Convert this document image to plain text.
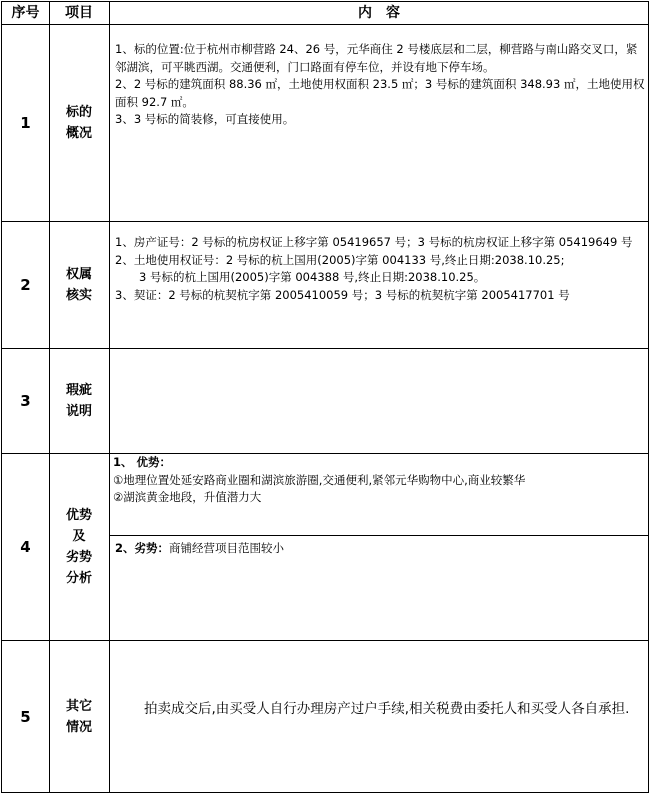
序号	项目	内　容
1
标的
概况

1、标的位置:位于杭州市柳营路 24、26 号，元华商住 2 号楼底层和二层，柳营路与南山路交叉口，紧邻湖滨，可平眺西湖。交通便利，门口路面有停车位，并设有地下停车场。

2、2 号标的建筑面积 88.36 ㎡，土地使用权面积 23.5 ㎡；3 号标的建筑面积 348.93 ㎡，土地使用权面积 92.7 ㎡。

3、3 号标的简装修，可直接使用。

2
权属
核实

1、房产证号：2 号标的杭房权证上移字第 05419657 号；3 号标的杭房权证上移字第 05419649 号

2、土地使用权证号：2 号标的杭上国用(2005)字第 004133 号,终止日期:2038.10.25;

3 号标的杭上国用(2005)字第 004388 号,终止日期:2038.10.25。

3、契证：2 号标的杭契杭字第 2005410059 号；3 号标的杭契杭字第 2005417701 号

3
瑕疵
说明
4
优势
及
劣势
分析

1、 优势：

①地理位置处延安路商业圈和湖滨旅游圈,交通便利,紧邻元华购物中心,商业较繁华

②湖滨黄金地段，升值潜力大

2、劣势：商铺经营项目范围较小

5
其它
情况

拍卖成交后,由买受人自行办理房产过户手续,相关税费由委托人和买受人各自承担.
